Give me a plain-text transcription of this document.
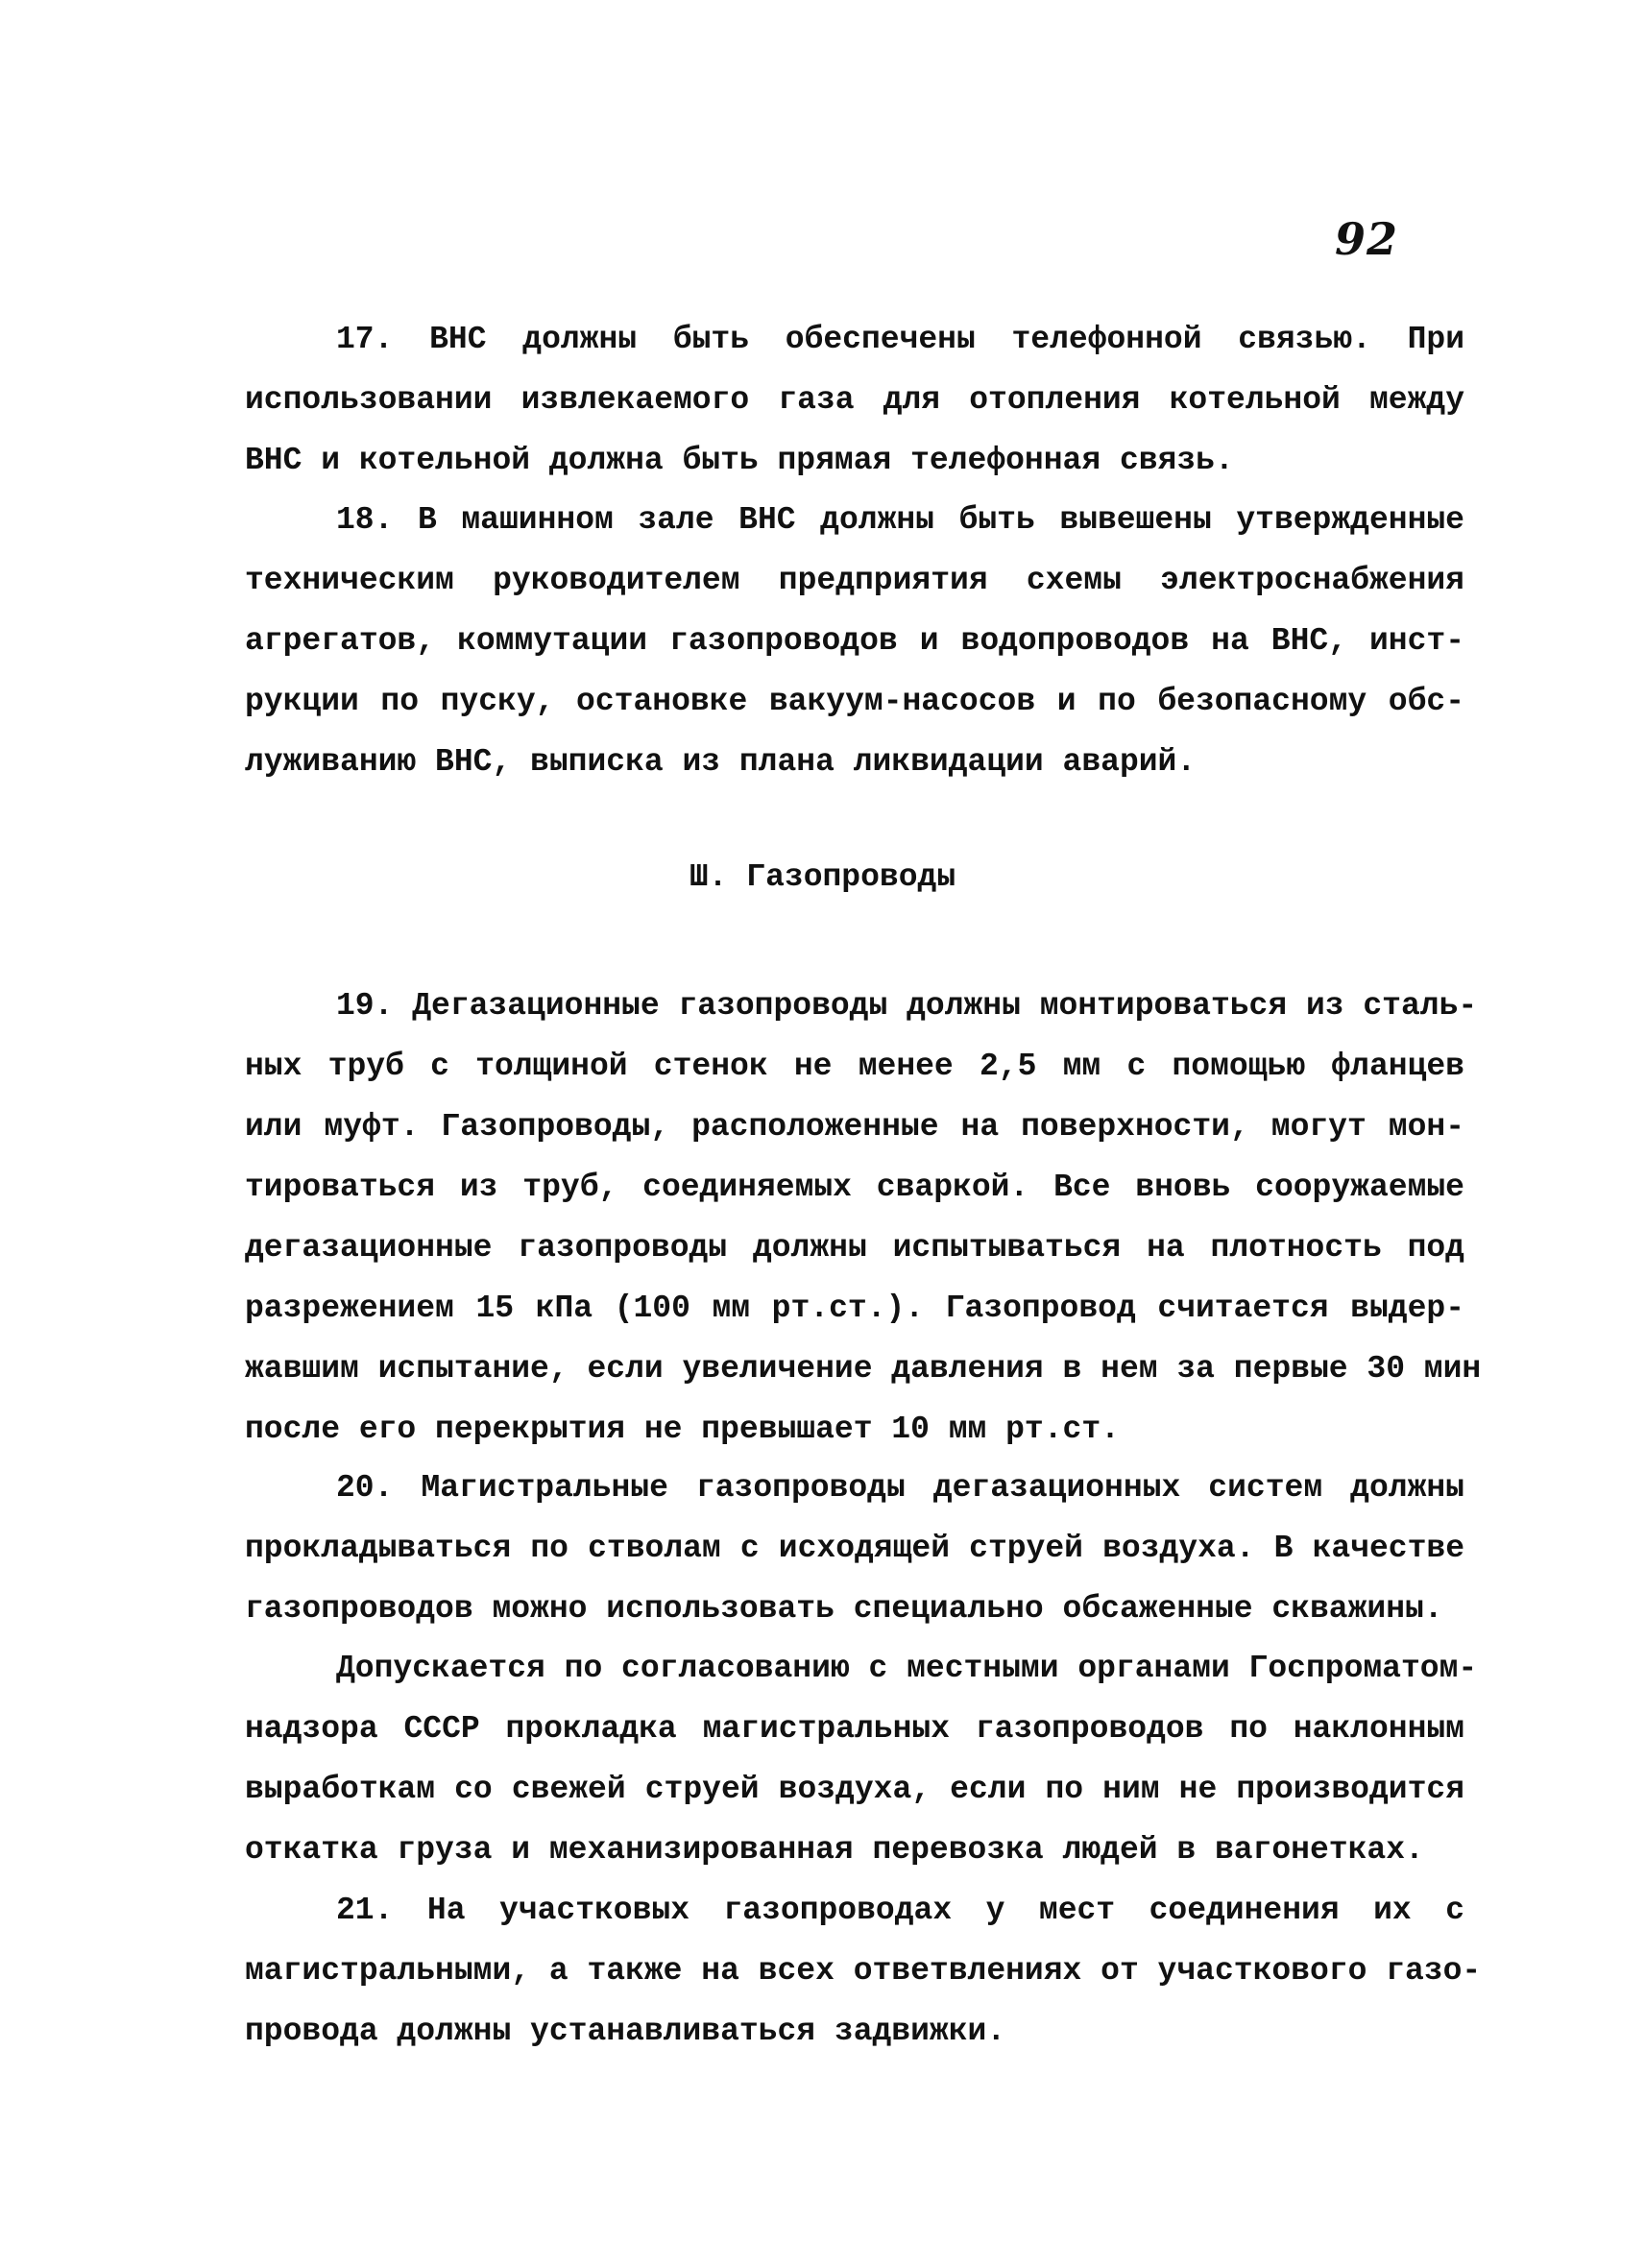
92
17. ВНС должны быть обеспечены телефонной связью. При
использовании извлекаемого газа для отопления котельной между
ВНС и котельной должна быть прямая телефонная связь.
18. В машинном зале ВНС должны быть вывешены утвержденные
техническим руководителем предприятия схемы электроснабжения
агрегатов, коммутации газопроводов и водопроводов на ВНС, инст-
рукции по пуску, остановке вакуум-насосов и по безопасному обс-
луживанию ВНС, выписка из плана ликвидации аварий.
Ш. Газопроводы
19. Дегазационные газопроводы должны монтироваться из сталь-
ных труб с толщиной стенок не менее 2,5 мм с помощью фланцев
или муфт. Газопроводы, расположенные на поверхности, могут мон-
тироваться из труб, соединяемых сваркой. Все вновь сооружаемые
дегазационные газопроводы должны испытываться на плотность под
разрежением 15 кПа (100 мм рт.ст.). Газопровод считается выдер-
жавшим испытание, если увеличение давления в нем за первые 30 мин
после его перекрытия не превышает 10 мм рт.ст.
20. Магистральные газопроводы дегазационных систем должны
прокладываться по стволам с исходящей струей воздуха. В качестве
газопроводов можно использовать специально обсаженные скважины.
Допускается по согласованию с местными органами Госпроматом-
надзора СССР прокладка магистральных газопроводов по наклонным
выработкам со свежей струей воздуха, если по ним не производится
откатка груза и механизированная перевозка людей в вагонетках.
21. На участковых газопроводах у мест соединения их с
магистральными, а также на всех ответвлениях от участкового газо-
провода должны устанавливаться задвижки.
